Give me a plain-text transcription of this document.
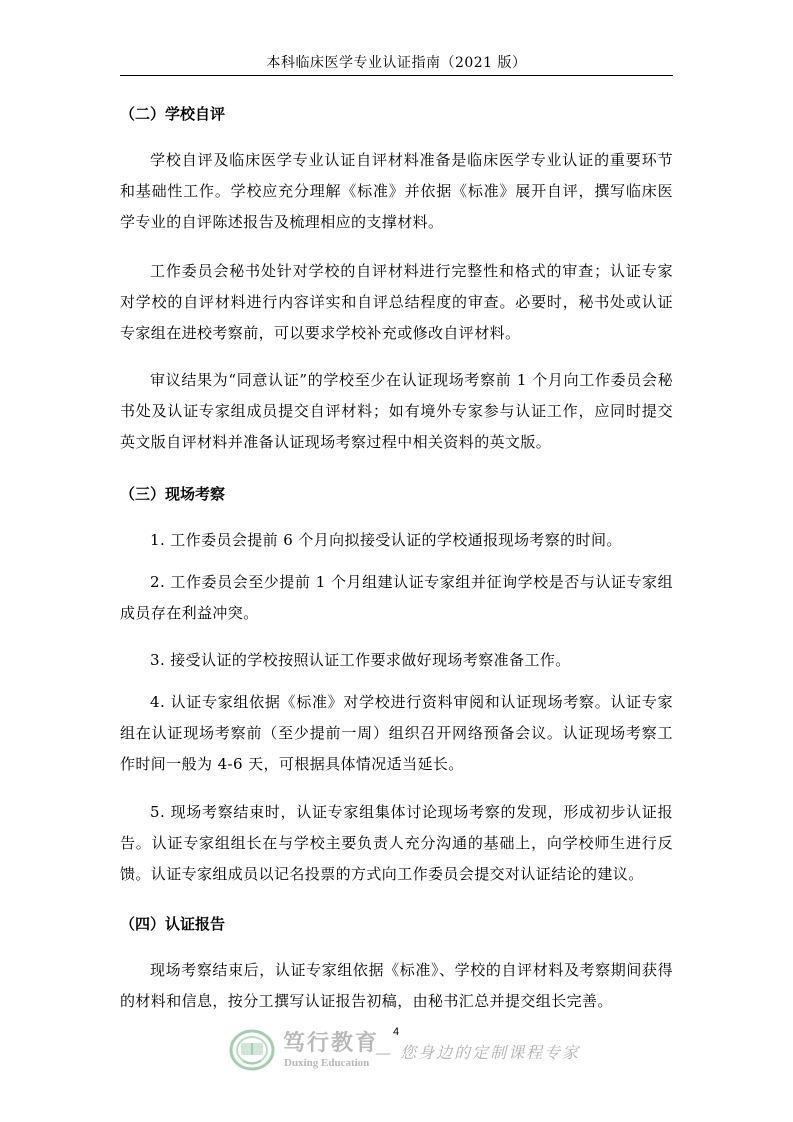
本科临床医学专业认证指南（2021 版）
（二）学校自评
学校自评及临床医学专业认证自评材料准备是临床医学专业认证的重要环节和基础性工作。学校应充分理解《标准》并依据《标准》展开自评，撰写临床医学专业的自评陈述报告及梳理相应的支撑材料。
工作委员会秘书处针对学校的自评材料进行完整性和格式的审查；认证专家对学校的自评材料进行内容详实和自评总结程度的审查。必要时，秘书处或认证专家组在进校考察前，可以要求学校补充或修改自评材料。
审议结果为“同意认证”的学校至少在认证现场考察前 1 个月向工作委员会秘书处及认证专家组成员提交自评材料；如有境外专家参与认证工作，应同时提交英文版自评材料并准备认证现场考察过程中相关资料的英文版。
（三）现场考察
1. 工作委员会提前 6 个月向拟接受认证的学校通报现场考察的时间。
2. 工作委员会至少提前 1 个月组建认证专家组并征询学校是否与认证专家组成员存在利益冲突。
3. 接受认证的学校按照认证工作要求做好现场考察准备工作。
4. 认证专家组依据《标准》对学校进行资料审阅和认证现场考察。认证专家组在认证现场考察前（至少提前一周）组织召开网络预备会议。认证现场考察工作时间一般为 4-6 天，可根据具体情况适当延长。
5. 现场考察结束时，认证专家组集体讨论现场考察的发现，形成初步认证报告。认证专家组组长在与学校主要负责人充分沟通的基础上，向学校师生进行反馈。认证专家组成员以记名投票的方式向工作委员会提交对认证结论的建议。
（四）认证报告
现场考察结束后，认证专家组依据《标准》、学校的自评材料及考察期间获得的材料和信息，按分工撰写认证报告初稿，由秘书汇总并提交组长完善。
4
笃行教育
Duxing Education
— 您身边的定制课程专家
